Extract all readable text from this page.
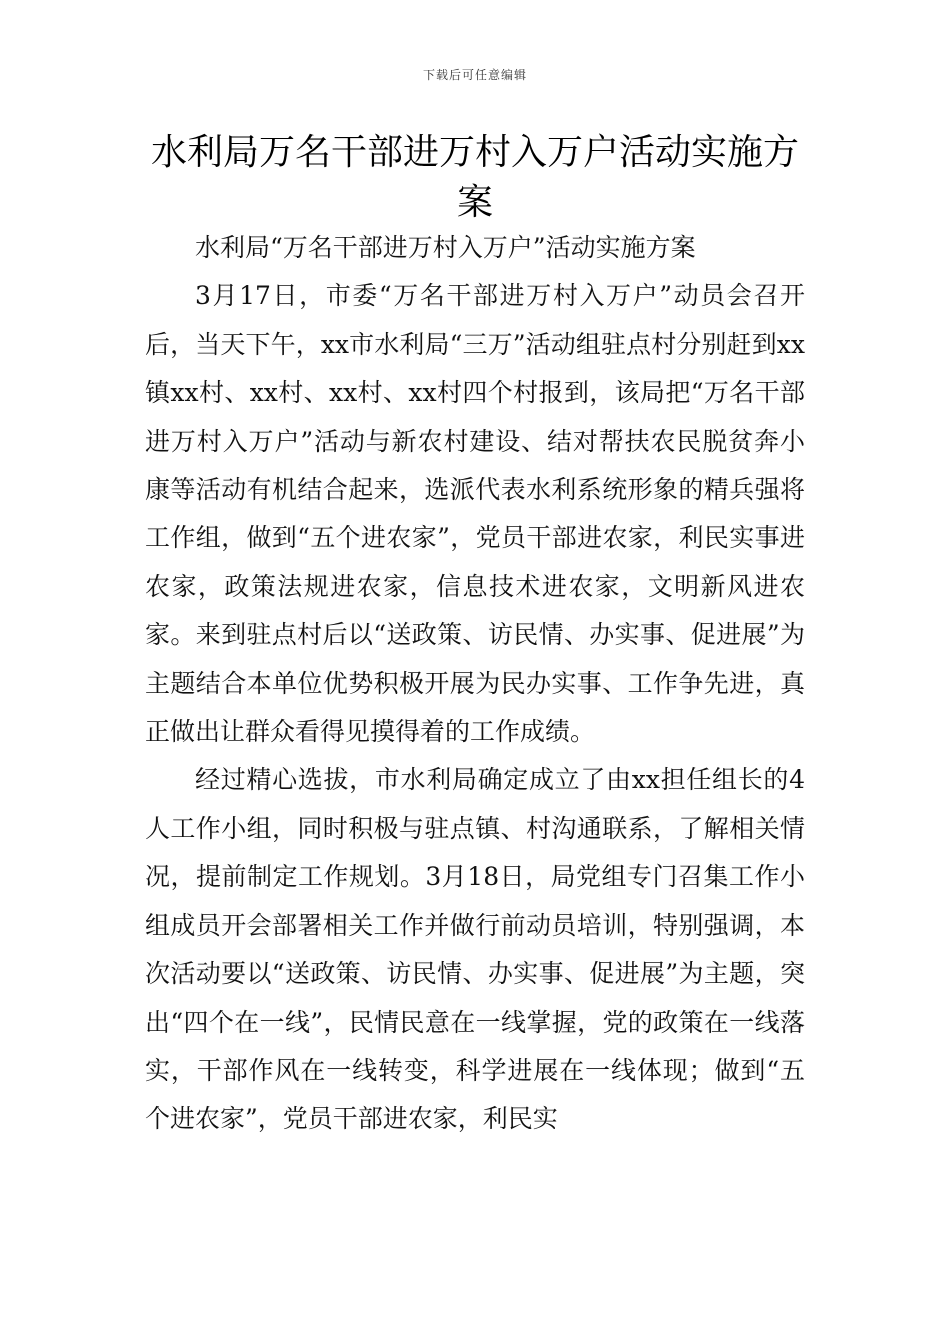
下载后可任意编辑
水利局万名干部进万村入万户活动实施方案

水利局“万名干部进万村入万户”活动实施方案

3月17日，市委“万名干部进万村入万户”动员会召开后，当天下午，xx市水利局“三万”活动组驻点村分别赶到xx镇xx村、xx村、xx村、xx村四个村报到，该局把“万名干部进万村入万户”活动与新农村建设、结对帮扶农民脱贫奔小康等活动有机结合起来，选派代表水利系统形象的精兵强将工作组，做到“五个进农家”，党员干部进农家，利民实事进农家，政策法规进农家，信息技术进农家，文明新风进农家。来到驻点村后以“送政策、访民情、办实事、促进展”为主题结合本单位优势积极开展为民办实事、工作争先进，真正做出让群众看得见摸得着的工作成绩。

经过精心选拔，市水利局确定成立了由xx担任组长的4人工作小组，同时积极与驻点镇、村沟通联系，了解相关情况，提前制定工作规划。3月18日，局党组专门召集工作小组成员开会部署相关工作并做行前动员培训，特别强调，本次活动要以“送政策、访民情、办实事、促进展”为主题，突出“四个在一线”，民情民意在一线掌握，党的政策在一线落实，干部作风在一线转变，科学进展在一线体现；做到“五个进农家”，党员干部进农家，利民实
